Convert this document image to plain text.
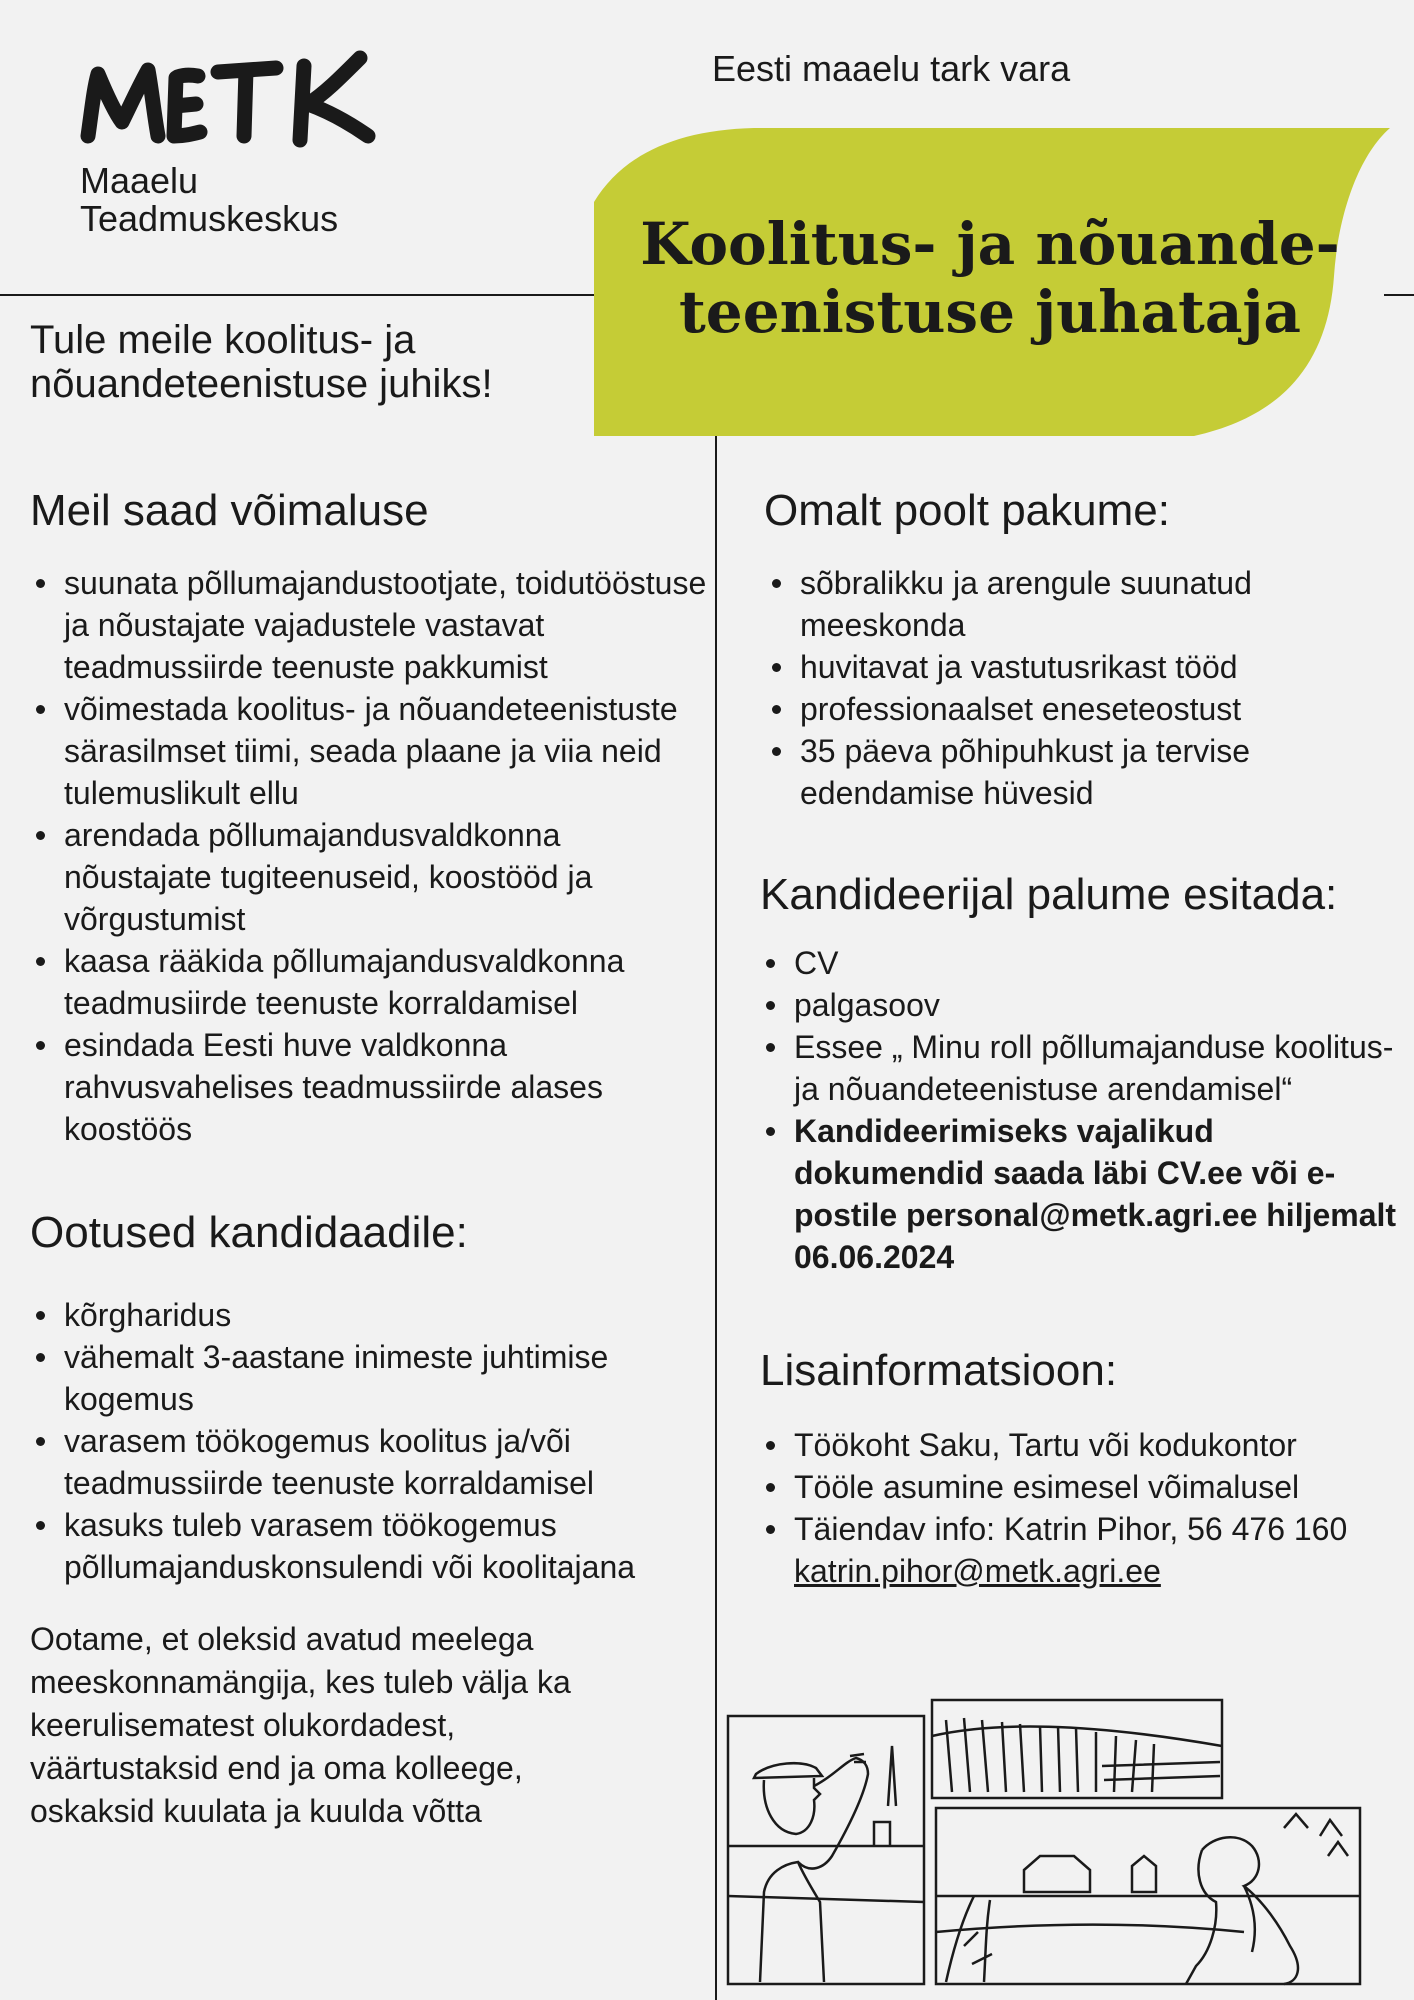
Maaelu
Teadmuskeskus
Eesti maaelu tark vara
Koolitus- ja nõuande-
teenistuse juhataja
Tule meile koolitus- ja
nõuandeteenistuse juhiks!
Meil saad võimaluse
suunata põllumajandustootjate, toidutööstuse ja nõustajate vajadustele vastavat teadmussiirde teenuste pakkumist
võimestada koolitus- ja nõuandeteenistuste särasilmset tiimi, seada plaane ja viia neid tulemuslikult ellu
arendada põllumajandusvaldkonna nõustajate tugiteenuseid, koostööd ja võrgustumist
kaasa rääkida põllumajandusvaldkonna teadmusiirde teenuste korraldamisel
esindada Eesti huve valdkonna rahvusvahelises teadmussiirde alases koostöös
Ootused kandidaadile:
kõrgharidus
vähemalt 3-aastane inimeste juhtimise kogemus
varasem töökogemus koolitus ja/või teadmussiirde teenuste korraldamisel
kasuks tuleb varasem töökogemus põllumajanduskonsulendi või koolitajana
Ootame, et oleksid avatud meelega meeskonnamängija, kes tuleb välja ka keerulisematest olukordadest, väärtustaksid end ja oma kolleege, oskaksid kuulata ja kuulda võtta
Omalt poolt pakume:
sõbralikku ja arengule suunatud meeskonda
huvitavat ja vastutusrikast tööd
professionaalset eneseteostust
35 päeva põhipuhkust ja tervise edendamise hüvesid
Kandideerijal palume esitada:
CV
palgasoov
Essee „ Minu roll põllumajanduse koolitus- ja nõuandeteenistuse arendamisel“
Kandideerimiseks vajalikud dokumendid saada läbi CV.ee või e-postile personal@metk.agri.ee hiljemalt 06.06.2024
Lisainformatsioon:
Töökoht Saku, Tartu või kodukontor
Tööle asumine esimesel võimalusel
Täiendav info: Katrin Pihor, 56 476 160
katrin.pihor@metk.agri.ee
